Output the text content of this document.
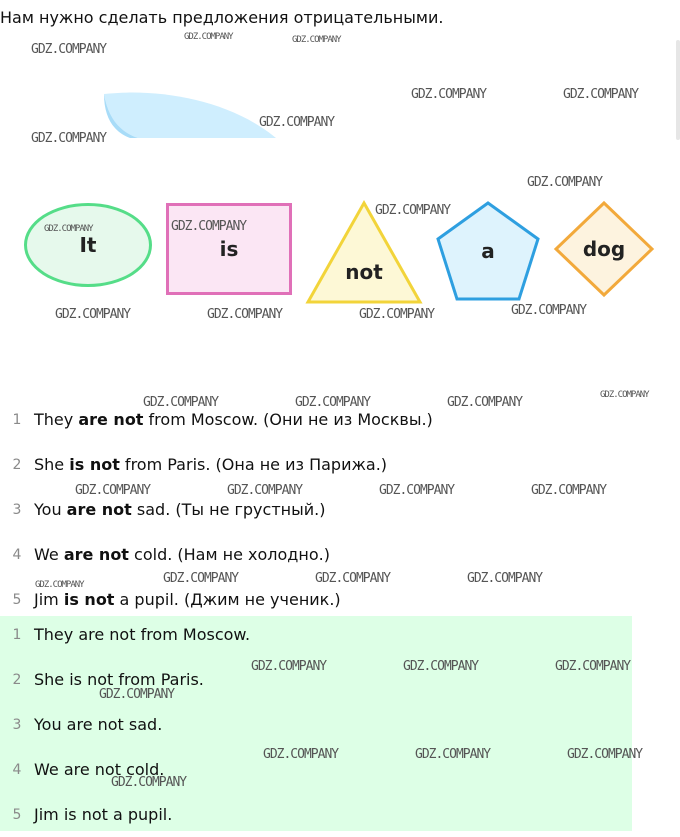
Нам нужно сделать предложения отрицательными.
It	is
not
a	dog
1 They are not from Moscow. (Они не из Москвы.)
2 She is not from Paris. (Она не из Парижа.)
3 You are not sad. (Ты не грустный.)
4 We are not cold. (Нам не холодно.)
5 Jim is not a pupil. (Джим не ученик.)
1 They are not from Moscow.
2 She is not from Paris.
3 You are not sad.
4 We are not cold.
5 Jim is not a pupil.
GDZ.COMPANY
GDZ.COMPANY	GDZ.COMPANY
GDZ.COMPANY	GDZ.COMPANY
GDZ.COMPANY
GDZ.COMPANY
GDZ.COMPANY
GDZ.COMPANY
GDZ.COMPANY	GDZ.COMPANY
GDZ.COMPANY	GDZ.COMPANY	GDZ.COMPANY	GDZ.COMPANY
GDZ.COMPANY	GDZ.COMPANY	GDZ.COMPANY	GDZ.COMPANY
GDZ.COMPANY	GDZ.COMPANY	GDZ.COMPANY	GDZ.COMPANY
GDZ.COMPANY	GDZ.COMPANY	GDZ.COMPANY	GDZ.COMPANY
GDZ.COMPANY	GDZ.COMPANY	GDZ.COMPANY
GDZ.COMPANY
GDZ.COMPANY	GDZ.COMPANY	GDZ.COMPANY
GDZ.COMPANY
